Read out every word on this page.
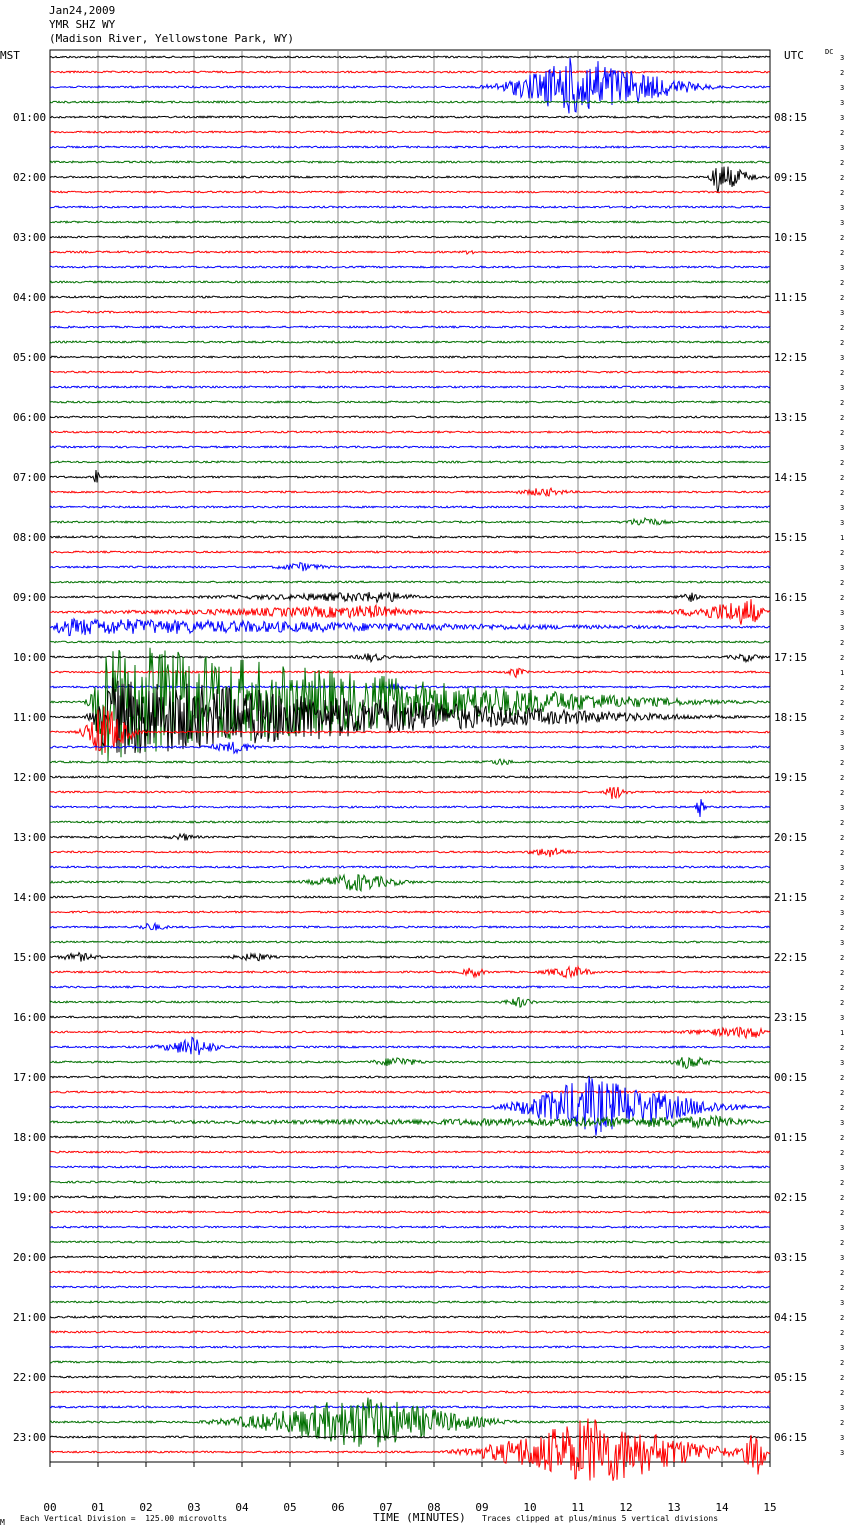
Jan24,2009
YMR SHZ WY
(Madison River, Yellowstone Park, WY)
MST	UTC	DC
3
2
3
3
3
2
3
2
2
2
3
3
2
2
3
2
2
3
2
2
3
2
3
2
2
2
3
2
2
2
3
3
1
2
3
2
2
3
3
2
2
1
2
2
2
3
3
2
2
2
3
2
2
2
3
2
2
3
2
3
2
2
2
2
3
1
2
3
2
2
2
3
2
2
3
2
2
2
3
2
3
2
2
3
2
2
3
2
2
2
3
2
3
3
01:00	08:15
02:00	09:15
03:00	10:15
04:00	11:15
05:00	12:15
06:00	13:15
07:00	14:15
08:00	15:15
09:00	16:15
10:00	17:15
11:00	18:15
12:00	19:15
13:00	20:15
14:00	21:15
15:00	22:15
16:00	23:15
17:00	00:15
18:00	01:15
19:00	02:15
20:00	03:15
21:00	04:15
22:00	05:15
23:00	06:15
00	01	02	03	04	05	06	07	08	09	10	11	12	13	14	15
M Each Vertical Division =  125.00 microvolts	TIME (MINUTES) Traces clipped at plus/minus 5 vertical divisions
